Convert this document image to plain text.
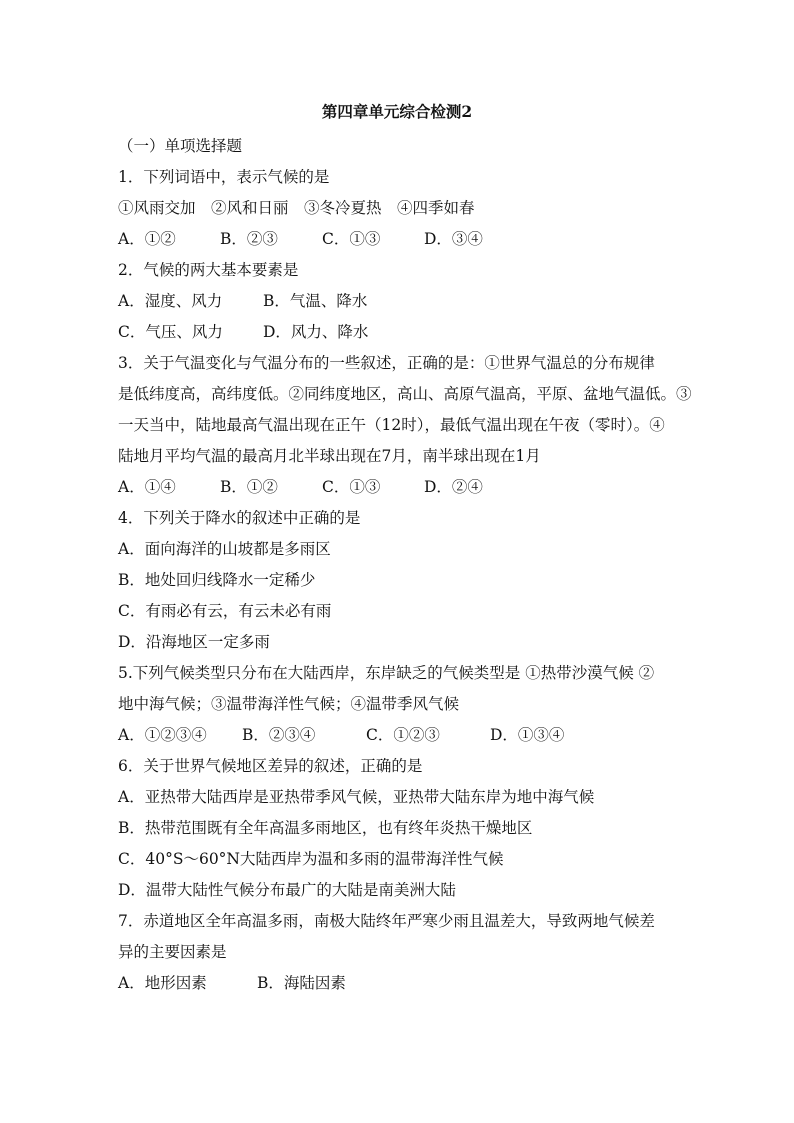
第四章单元综合检测2
（一）单项选择题
1．下列词语中，表示气候的是
①风雨交加　②风和日丽　③冬冷夏热　④四季如春
A．①②	B．②③	C．①③	D．③④
2．气候的两大基本要素是
A．湿度、风力	B．气温、降水
C．气压、风力	D．风力、降水
3．关于气温变化与气温分布的一些叙述，正确的是：①世界气温总的分布规律
是低纬度高，高纬度低。②同纬度地区，高山、高原气温高，平原、盆地气温低。③
一天当中，陆地最高气温出现在正午（12时），最低气温出现在午夜（零时）。④
陆地月平均气温的最高月北半球出现在7月，南半球出现在1月
A．①④	B．①②	C．①③	D．②④
4．下列关于降水的叙述中正确的是
A．面向海洋的山坡都是多雨区
B．地处回归线降水一定稀少
C．有雨必有云，有云未必有雨
D．沿海地区一定多雨
5.下列气候类型只分布在大陆西岸，东岸缺乏的气候类型是 ①热带沙漠气候 ②
地中海气候；③温带海洋性气候；④温带季风气候
A．①②③④ B．②③④	C．①②③	D．①③④
6．关于世界气候地区差异的叙述，正确的是
A．亚热带大陆西岸是亚热带季风气候，亚热带大陆东岸为地中海气候
B．热带范围既有全年高温多雨地区，也有终年炎热干燥地区
C．40°S～60°N大陆西岸为温和多雨的温带海洋性气候
D．温带大陆性气候分布最广的大陆是南美洲大陆
7．赤道地区全年高温多雨，南极大陆终年严寒少雨且温差大，导致两地气候差
异的主要因素是
A．地形因素	B．海陆因素
